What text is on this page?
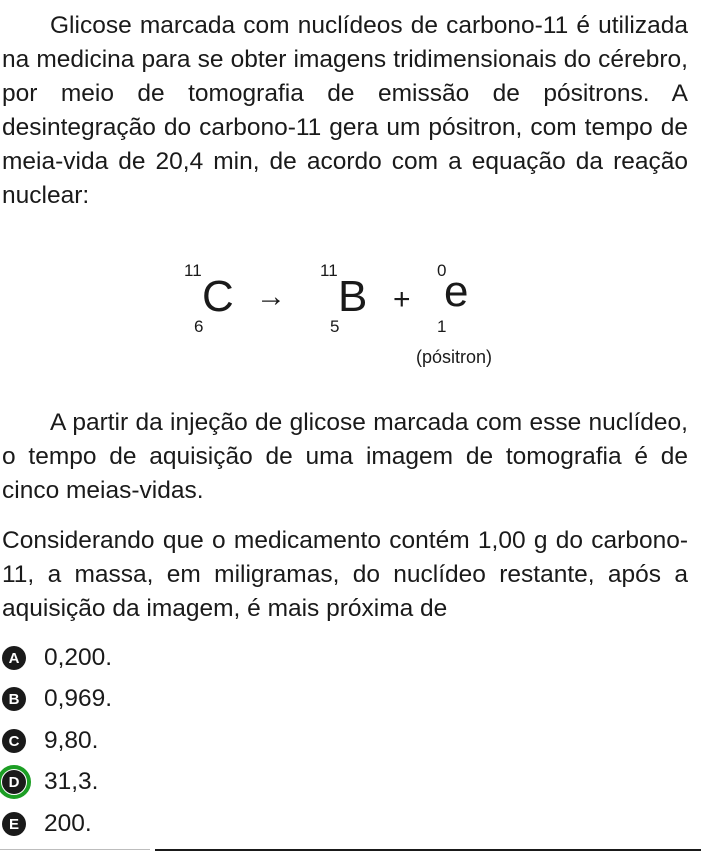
Glicose marcada com nuclídeos de carbono-11 é utilizada na medicina para se obter imagens tridimensionais do cérebro, por meio de tomografia de emissão de pósitrons. A desintegração do carbono-11 gera um pósitron, com tempo de meia-vida de 20,4 min, de acordo com a equação da reação nuclear:

11
C
6
→
11
B
5
+
0
e
1
(pósitron)

A partir da injeção de glicose marcada com esse nuclídeo, o tempo de aquisição de uma imagem de tomografia é de cinco meias-vidas.

Considerando que o medicamento contém 1,00 g do carbono-11, a massa, em miligramas, do nuclídeo restante, após a aquisição da imagem, é mais próxima de

A 0,200.
B 0,969.
C 9,80.
D 31,3.
E 200.
